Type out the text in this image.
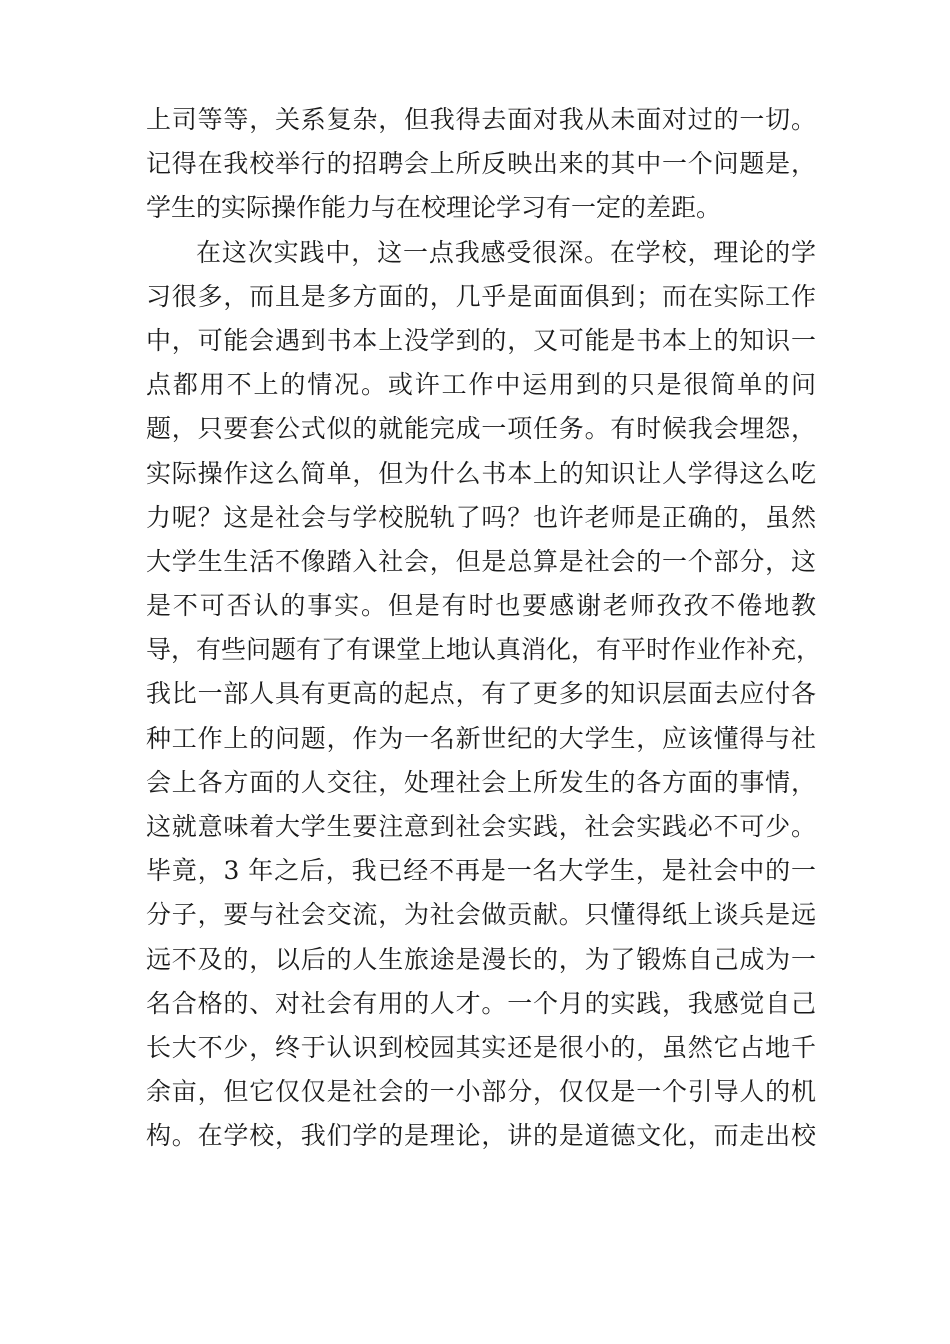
上司等等，关系复杂，但我得去面对我从未面对过的一切。
记得在我校举行的招聘会上所反映出来的其中一个问题是，
学生的实际操作能力与在校理论学习有一定的差距。
在这次实践中，这一点我感受很深。在学校，理论的学
习很多，而且是多方面的，几乎是面面俱到；而在实际工作
中，可能会遇到书本上没学到的，又可能是书本上的知识一
点都用不上的情况。或许工作中运用到的只是很简单的问
题，只要套公式似的就能完成一项任务。有时候我会埋怨，
实际操作这么简单，但为什么书本上的知识让人学得这么吃
力呢？这是社会与学校脱轨了吗？也许老师是正确的，虽然
大学生生活不像踏入社会，但是总算是社会的一个部分，这
是不可否认的事实。但是有时也要感谢老师孜孜不倦地教
导，有些问题有了有课堂上地认真消化，有平时作业作补充，
我比一部人具有更高的起点，有了更多的知识层面去应付各
种工作上的问题，作为一名新世纪的大学生，应该懂得与社
会上各方面的人交往，处理社会上所发生的各方面的事情，
这就意味着大学生要注意到社会实践，社会实践必不可少。
毕竟，3 年之后，我已经不再是一名大学生，是社会中的一
分子，要与社会交流，为社会做贡献。只懂得纸上谈兵是远
远不及的，以后的人生旅途是漫长的，为了锻炼自己成为一
名合格的、对社会有用的人才。一个月的实践，我感觉自己
长大不少，终于认识到校园其实还是很小的，虽然它占地千
余亩，但它仅仅是社会的一小部分，仅仅是一个引导人的机
构。在学校，我们学的是理论，讲的是道德文化，而走出校
